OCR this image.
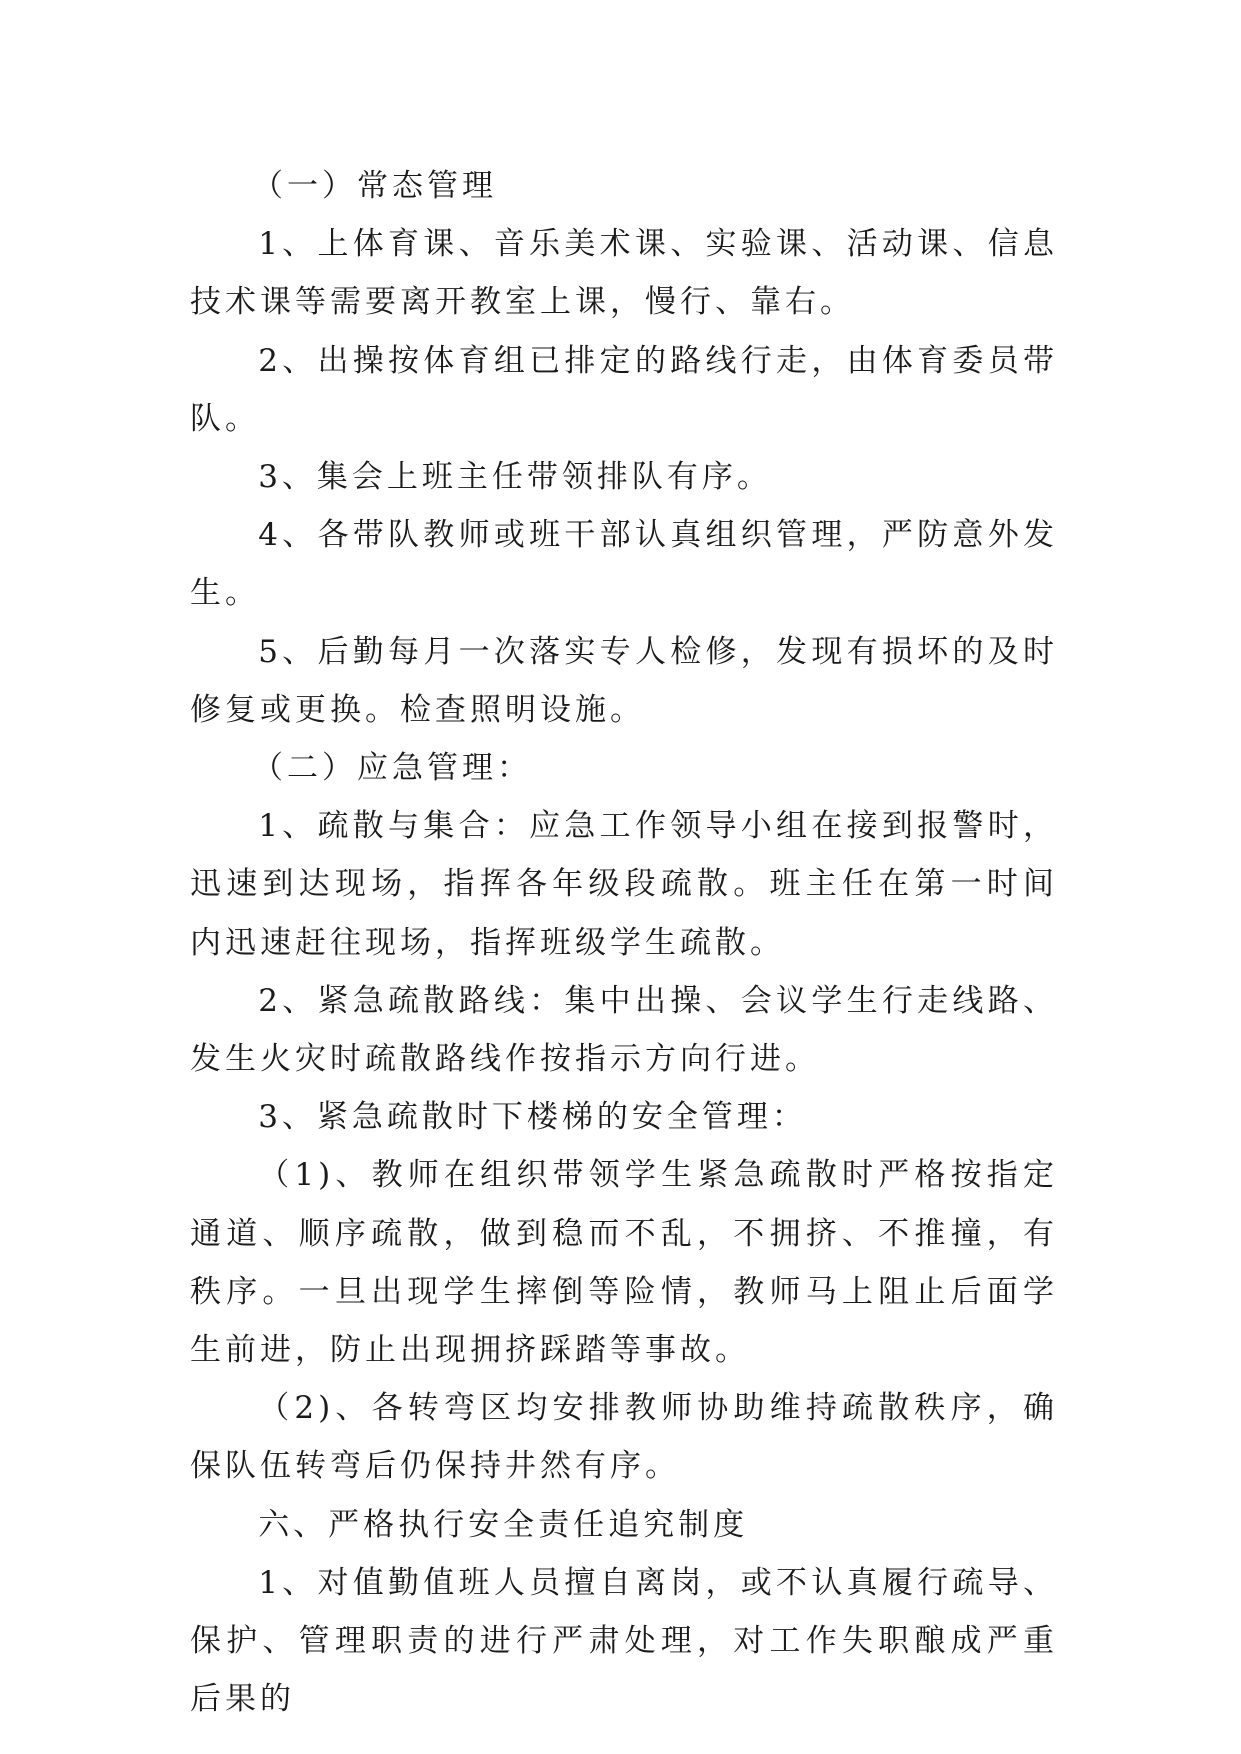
（一）常态管理

1、上体育课、音乐美术课、实验课、活动课、信息技术课等需要离开教室上课，慢行、靠右。

2、出操按体育组已排定的路线行走，由体育委员带队。

3、集会上班主任带领排队有序。

4、各带队教师或班干部认真组织管理，严防意外发生。

5、后勤每月一次落实专人检修，发现有损坏的及时修复或更换。检查照明设施。

（二）应急管理：

1、疏散与集合：应急工作领导小组在接到报警时，迅速到达现场，指挥各年级段疏散。班主任在第一时间内迅速赶往现场，指挥班级学生疏散。

2、紧急疏散路线：集中出操、会议学生行走线路、发生火灾时疏散路线作按指示方向行进。

3、紧急疏散时下楼梯的安全管理：

（1)、教师在组织带领学生紧急疏散时严格按指定通道、顺序疏散，做到稳而不乱，不拥挤、不推撞，有秩序。一旦出现学生摔倒等险情，教师马上阻止后面学生前进，防止出现拥挤踩踏等事故。

（2)、各转弯区均安排教师协助维持疏散秩序，确保队伍转弯后仍保持井然有序。

六、严格执行安全责任追究制度

1、对值勤值班人员擅自离岗，或不认真履行疏导、保护、管理职责的进行严肃处理，对工作失职酿成严重后果的
